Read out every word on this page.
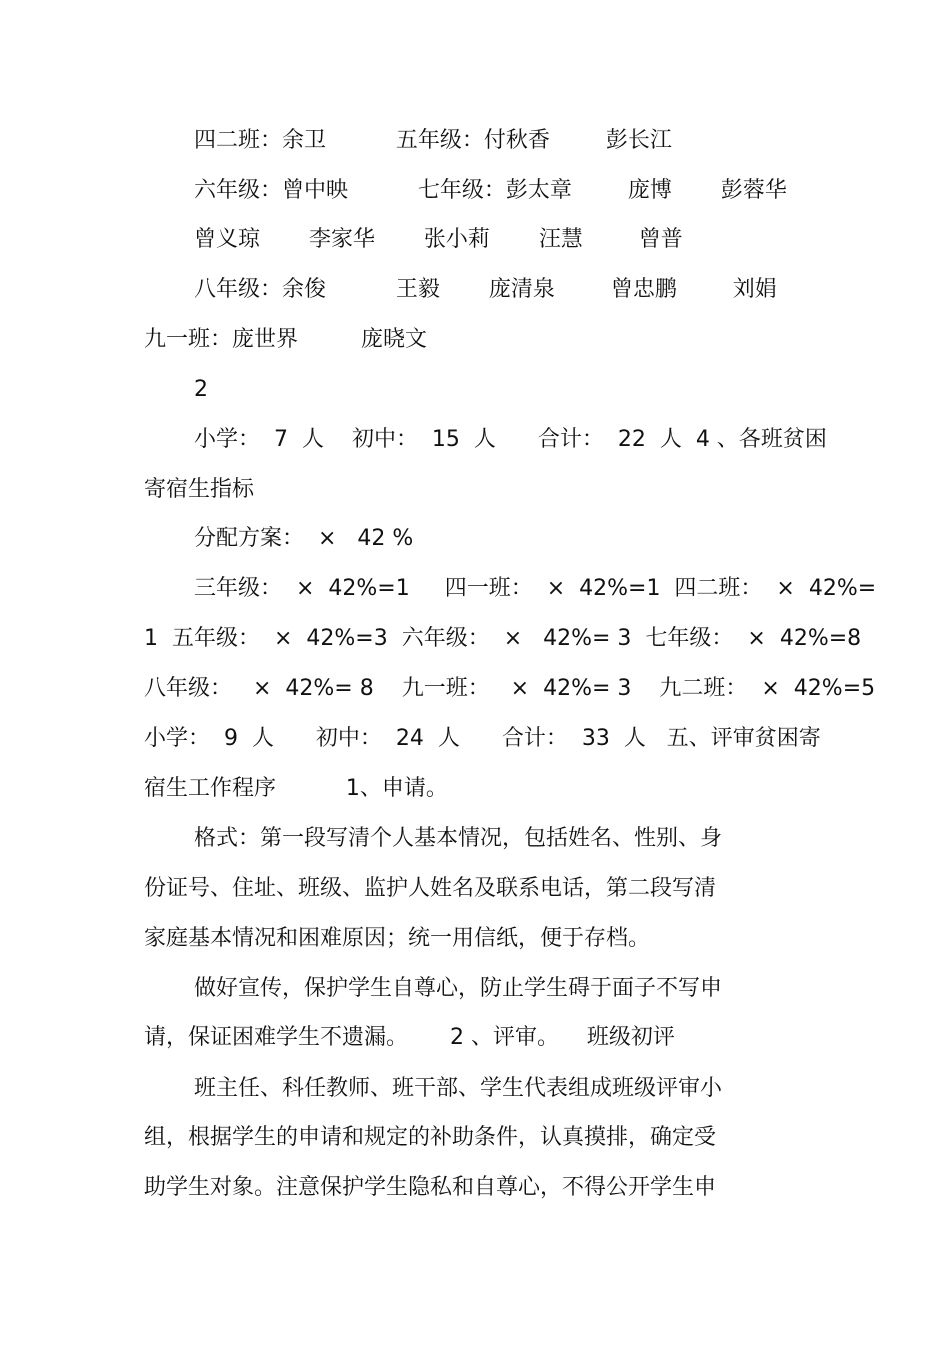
四二班：余卫          五年级：付秋香        彭长江
六年级：曾中映          七年级：彭太章        庞博       彭蓉华
曾义琼       李家华       张小莉       汪慧        曾普
八年级：余俊          王毅       庞清泉        曾忠鹏        刘娟
九一班：庞世界         庞晓文
2
小学：  7  人    初中：  15  人      合计：  22  人  4 、各班贫困
寄宿生指标
分配方案：  ×   42 %
三年级：  ×  42%=1     四一班：  ×  42%=1  四二班：  ×  42%=
1  五年级：  ×  42%=3  六年级：  ×   42%= 3  七年级：  ×  42%=8
八年级：   ×  42%= 8    九一班：   ×  42%= 3    九二班：  ×  42%=5
小学：  9  人      初中：  24  人      合计：  33  人   五、评审贫困寄
宿生工作程序          1、申请。
格式：第一段写清个人基本情况，包括姓名、性别、身
份证号、住址、班级、监护人姓名及联系电话，第二段写清
家庭基本情况和困难原因；统一用信纸，便于存档。
做好宣传，保护学生自尊心，防止学生碍于面子不写申
请，保证困难学生不遗漏。      2 、评审。    班级初评
班主任、科任教师、班干部、学生代表组成班级评审小
组，根据学生的申请和规定的补助条件，认真摸排，确定受
助学生对象。注意保护学生隐私和自尊心，不得公开学生申
